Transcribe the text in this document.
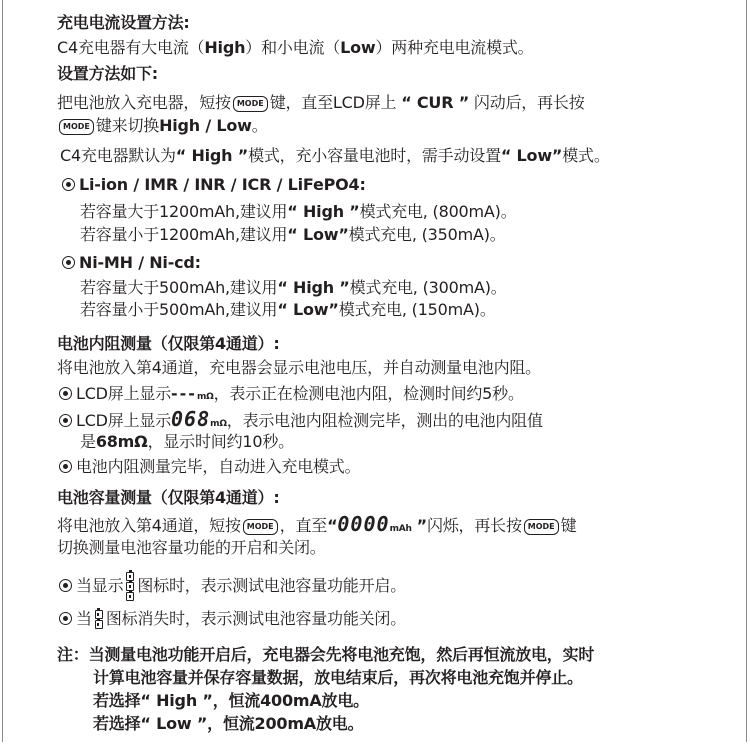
充电电流设置方法:
C4充电器有大电流（High）和小电流（Low）两种充电电流模式。
设置方法如下:
把电池放入充电器，短按 MODE 键，直至LCD屏上 “ CUR ” 闪动后，再长按
MODE 键来切换High / Low。
C4充电器默认为“ High ”模式，充小容量电池时，需手动设置“ Low”模式。
Li-ion / IMR / INR / ICR / LiFePO4:
若容量大于1200mAh,建议用“ High ”模式充电, (800mA)。
若容量小于1200mAh,建议用“ Low”模式充电, (350mA)。
Ni-MH / Ni-cd:
若容量大于500mAh,建议用“ High ”模式充电, (300mA)。
若容量小于500mAh,建议用“ Low”模式充电, (150mA)。
电池内阻测量（仅限第4通道）:
将电池放入第4通道，充电器会显示电池电压，并自动测量电池内阻。
LCD屏上显示---mΩ，表示正在检测电池内阻，检测时间约5秒。
LCD屏上显示068mΩ，表示电池内阻检测完毕，测出的电池内阻值
是68mΩ，显示时间约10秒。
电池内阻测量完毕，自动进入充电模式。
电池容量测量（仅限第4通道）:
将电池放入第4通道，短按 MODE ，直至“0000mAh ”闪烁，再长按 MODE 键
切换测量电池容量功能的开启和关闭。
当显示 图标时，表示测试电池容量功能开启。
当 图标消失时，表示测试电池容量功能关闭。
注：当测量电池功能开启后，充电器会先将电池充饱，然后再恒流放电，实时
计算电池容量并保存容量数据，放电结束后，再次将电池充饱并停止。
若选择“ High ”，恒流400mA放电。
若选择“ Low ”，恒流200mA放电。
